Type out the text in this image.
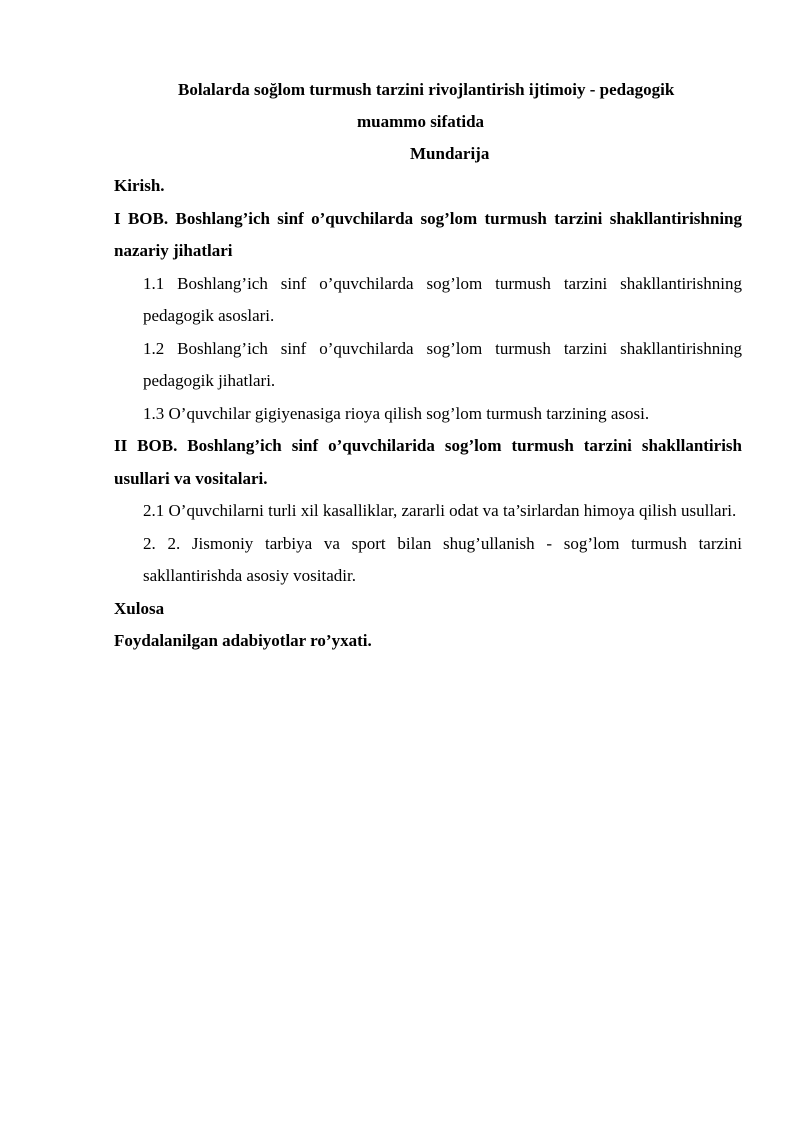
Bolalarda soğlom turmush tarzini rivojlantirish ijtimoiy - pedagogik
muammo sifatida
Mundarija

Kirish.

I BOB. Boshlang’ich sinf o’quvchilarda sog’lom turmush tarzini shakllantirishning nazariy jihatlari

1.1 Boshlang’ich sinf o’quvchilarda sog’lom turmush tarzini shakllantirishning pedagogik asoslari.

1.2 Boshlang’ich sinf o’quvchilarda sog’lom turmush tarzini shakllantirishning pedagogik jihatlari.

1.3 O’quvchilar gigiyenasiga rioya qilish sog’lom turmush tarzining asosi.

II BOB. Boshlang’ich sinf o’quvchilarida sog’lom turmush tarzini shakllantirish usullari va vositalari.

2.1 O’quvchilarni turli xil kasalliklar, zararli odat va ta’sirlardan himoya qilish usullari.

2. 2. Jismoniy tarbiya va sport bilan shug’ullanish - sog’lom turmush tarzini sakllantirishda asosiy vositadir.

Xulosa

Foydalanilgan adabiyotlar ro’yxati.
